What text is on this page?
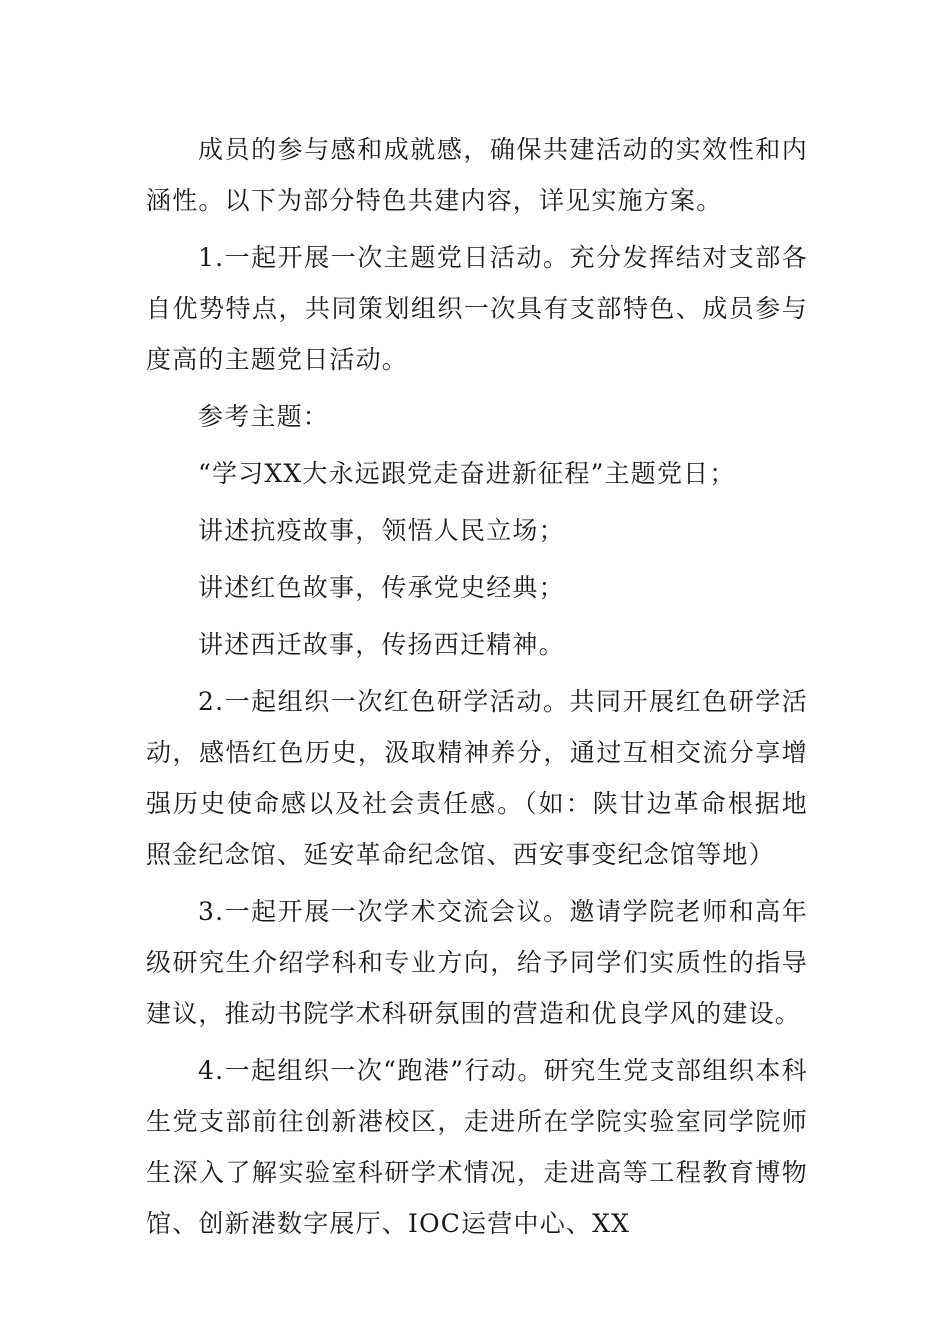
成员的参与感和成就感，确保共建活动的实效性和内涵性。以下为部分特色共建内容，详见实施方案。

1.一起开展一次主题党日活动。充分发挥结对支部各自优势特点，共同策划组织一次具有支部特色、成员参与度高的主题党日活动。

参考主题：

“学习XX大永远跟党走奋进新征程”主题党日；

讲述抗疫故事，领悟人民立场；

讲述红色故事，传承党史经典；

讲述西迁故事，传扬西迁精神。

2.一起组织一次红色研学活动。共同开展红色研学活动，感悟红色历史，汲取精神养分，通过互相交流分享增强历史使命感以及社会责任感。（如：陕甘边革命根据地照金纪念馆、延安革命纪念馆、西安事变纪念馆等地）

3.一起开展一次学术交流会议。邀请学院老师和高年级研究生介绍学科和专业方向，给予同学们实质性的指导建议，推动书院学术科研氛围的营造和优良学风的建设。

4.一起组织一次“跑港”行动。研究生党支部组织本科生党支部前往创新港校区，走进所在学院实验室同学院师生深入了解实验室科研学术情况，走进高等工程教育博物馆、创新港数字展厅、IOC运营中心、XX
